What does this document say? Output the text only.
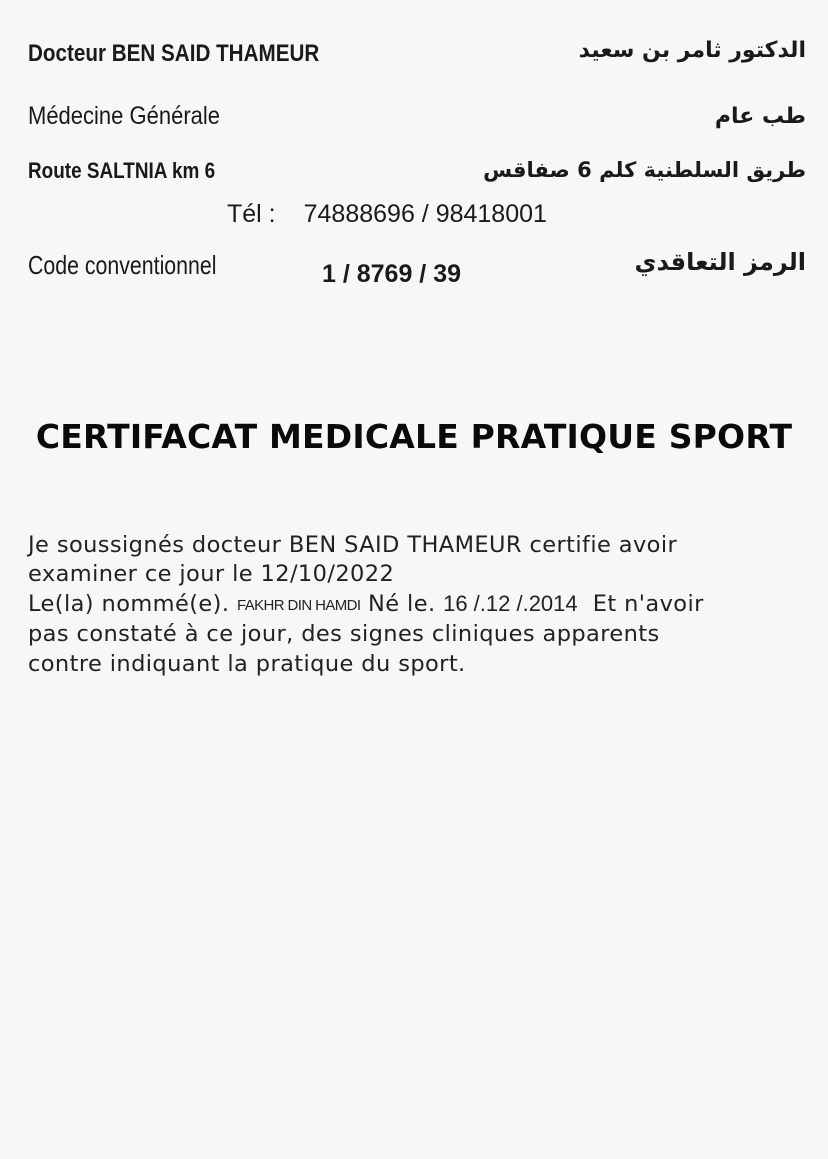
Docteur BEN SAID THAMEUR	الدكتور ثامر بن سعيد
Médecine Générale	طب عام
Route SALTNIA km 6	طريق السلطنية كلم 6 صفاقس
Tél : 74888696 / 98418001
Code conventionnel	1 / 8769 / 39	الرمز التعاقدي
CERTIFACAT MEDICALE PRATIQUE SPORT
Je soussignés docteur BEN SAID THAMEUR certifie avoir
examiner ce jour le 12/10/2022
Le(la) nommé(e). FAKHR DIN HAMDI Né le. 16 /.12 /.2014 Et n'avoir
pas constaté à ce jour, des signes cliniques apparents
contre indiquant la pratique du sport.
